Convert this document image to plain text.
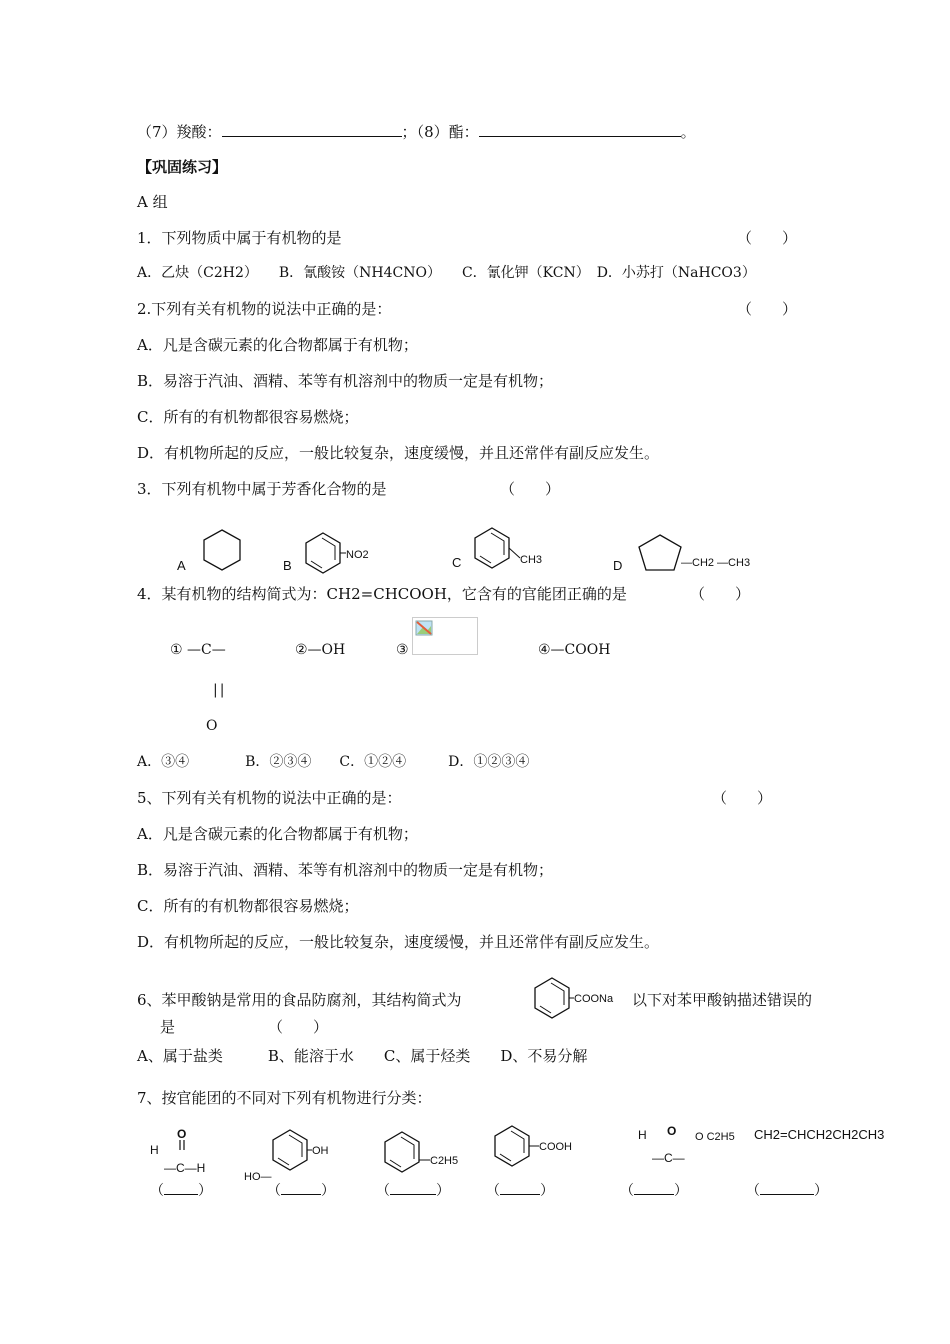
（7）羧酸：	；（8）酯：	。
【巩固练习】
A 组
1．下列物质中属于有机物的是	（　　）
A．乙炔（C2H2）　　B．氰酸铵（NH4CNO）　　C．氰化钾（KCN）　D．小苏打（NaHCO3）
2.下列有关有机物的说法中正确的是：	（　　）
A．凡是含碳元素的化合物都属于有机物；
B．易溶于汽油、酒精、苯等有机溶剂中的物质一定是有机物；
C．所有的有机物都很容易燃烧；
D．有机物所起的反应，一般比较复杂，速度缓慢，并且还常伴有副反应发生。
3．下列有机物中属于芳香化合物的是	（　　）
A	B
NO2	C	CH3	D	—CH2 —CH3
4．某有机物的结构简式为：CH2=CHCOOH，它含有的官能团正确的是	（　　）
① —C—	②—OH	③	④—COOH
||
O
A．③④　　　　B．②③④　　C．①②④　　　D．①②③④
5、下列有关有机物的说法中正确的是：	（　　）
A．凡是含碳元素的化合物都属于有机物；
B．易溶于汽油、酒精、苯等有机溶剂中的物质一定是有机物；
C．所有的有机物都很容易燃烧；
D．有机物所起的反应，一般比较复杂，速度缓慢，并且还常伴有副反应发生。
6、苯甲酸钠是常用的食品防腐剂，其结构简式为	COONa 以下对苯甲酸钠描述错误的
是	（　　）
A、属于盐类　　　B、能溶于水　　C、属于烃类　　D、不易分解
7、按官能团的不同对下列有机物进行分类：
H
O
—C—H
OH
HO—
C2H5
COOH
H O O C2H5
—C—
CH2=CHCH2CH2CH3
（ ）	（	）	（	）	（	）	（	）	（	）
